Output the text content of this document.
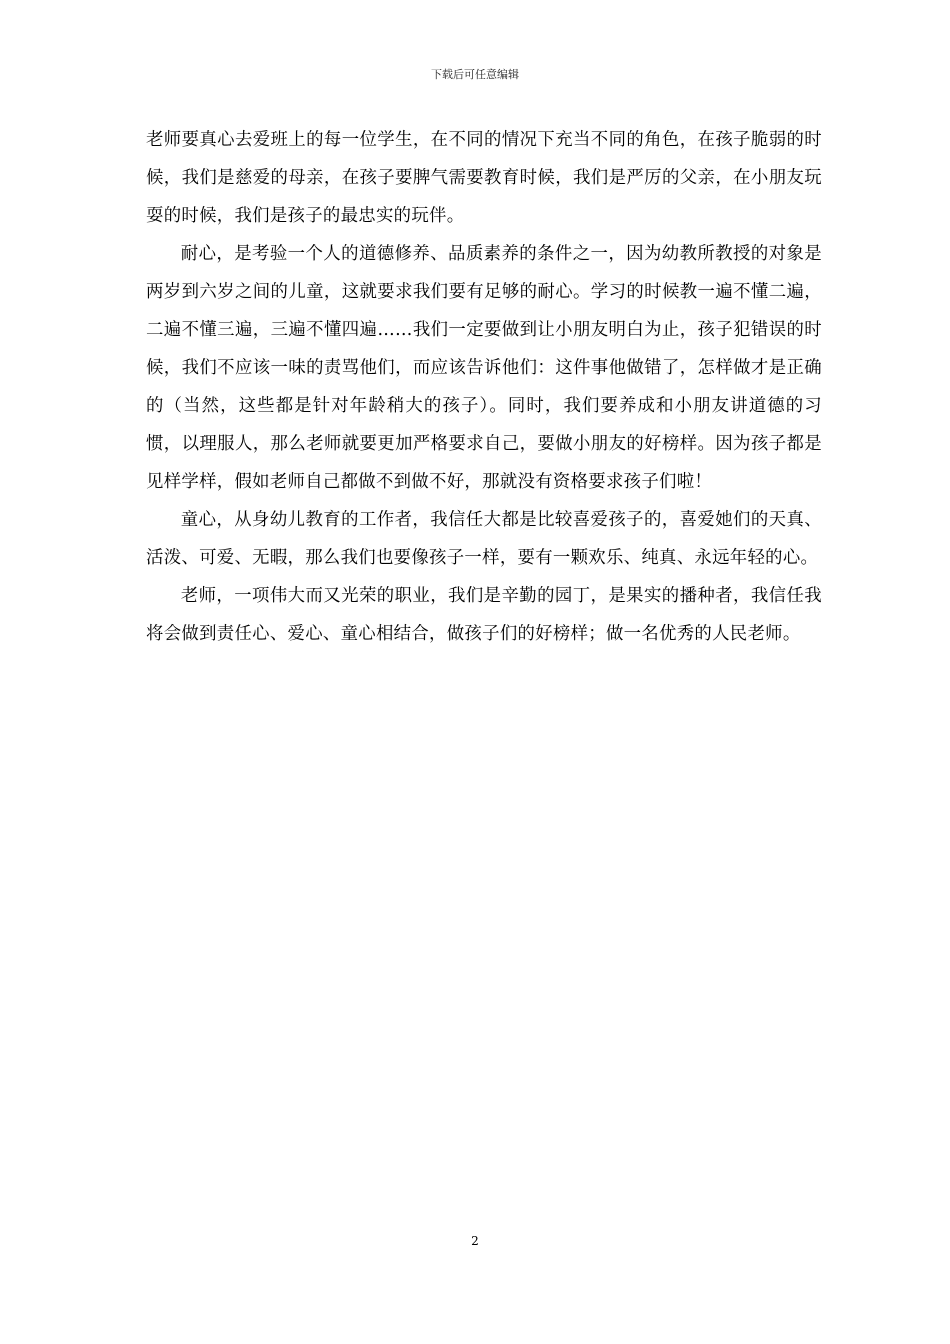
下载后可任意编辑

老师要真心去爱班上的每一位学生，在不同的情况下充当不同的角色，在孩子脆弱的时候，我们是慈爱的母亲，在孩子要脾气需要教育时候，我们是严厉的父亲，在小朋友玩耍的时候，我们是孩子的最忠实的玩伴。

耐心，是考验一个人的道德修养、品质素养的条件之一，因为幼教所教授的对象是两岁到六岁之间的儿童，这就要求我们要有足够的耐心。学习的时候教一遍不懂二遍，二遍不懂三遍，三遍不懂四遍……我们一定要做到让小朋友明白为止，孩子犯错误的时候，我们不应该一味的责骂他们，而应该告诉他们：这件事他做错了，怎样做才是正确的（当然，这些都是针对年龄稍大的孩子）。同时，我们要养成和小朋友讲道德的习惯，以理服人，那么老师就要更加严格要求自己，要做小朋友的好榜样。因为孩子都是见样学样，假如老师自己都做不到做不好，那就没有资格要求孩子们啦！

童心，从身幼儿教育的工作者，我信任大都是比较喜爱孩子的，喜爱她们的天真、活泼、可爱、无暇，那么我们也要像孩子一样，要有一颗欢乐、纯真、永远年轻的心。

老师，一项伟大而又光荣的职业，我们是辛勤的园丁，是果实的播种者，我信任我将会做到责任心、爱心、童心相结合，做孩子们的好榜样；做一名优秀的人民老师。

2
